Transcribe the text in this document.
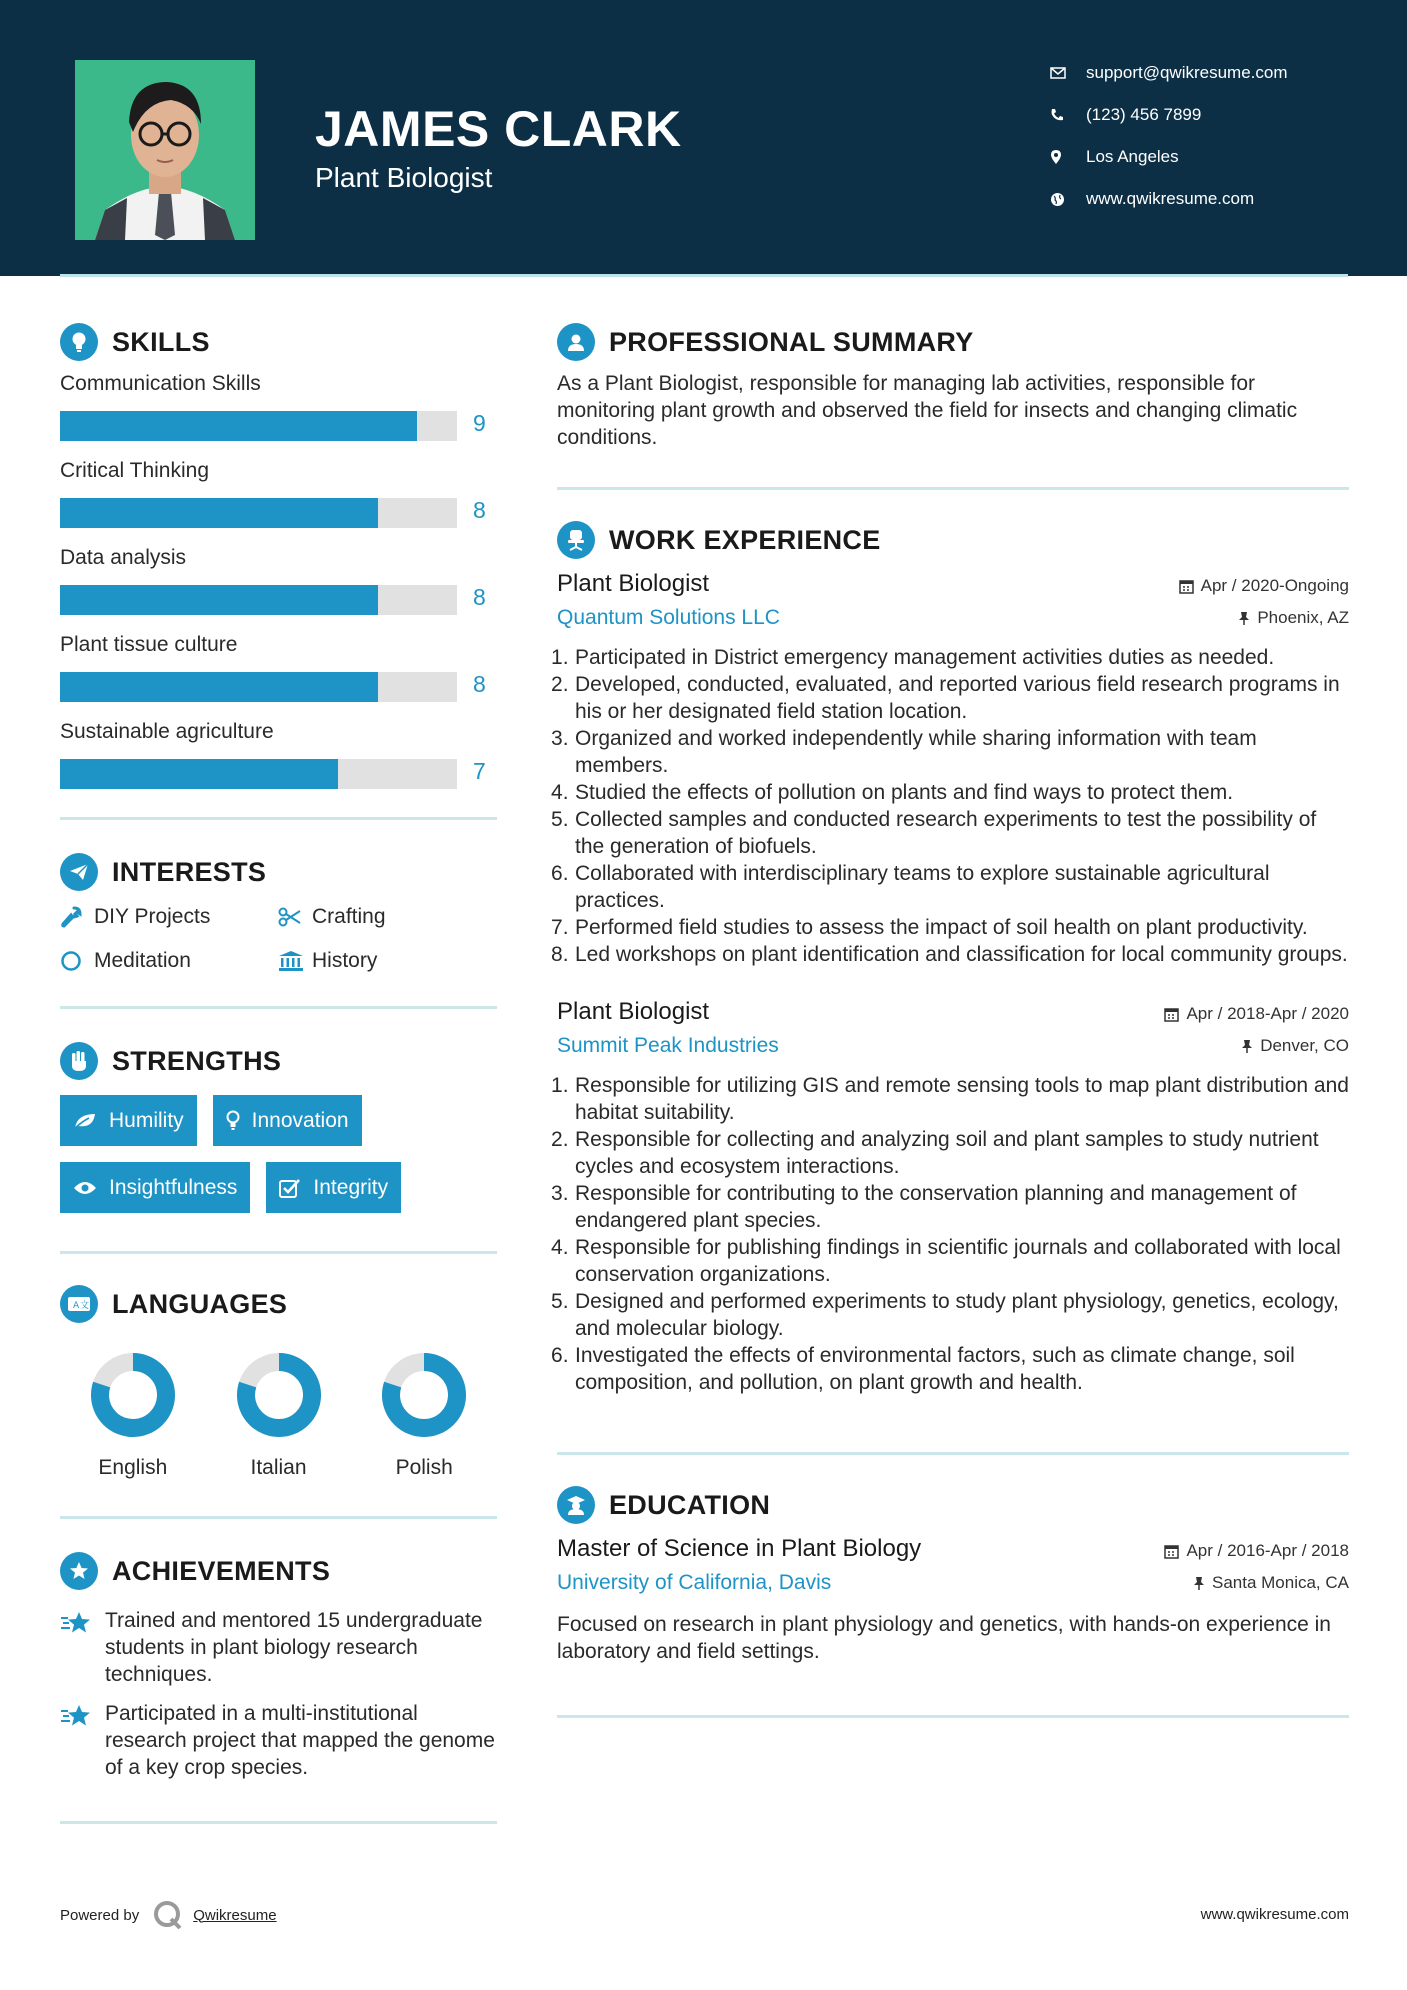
JAMES CLARK
Plant Biologist
support@qwikresume.com
(123) 456 7899
Los Angeles
www.qwikresume.com
SKILLS
Communication Skills
9
Critical Thinking
8
Data analysis
8
Plant tissue culture
8
Sustainable agriculture
7
INTERESTS
DIY Projects	Crafting
Meditation	History
STRENGTHS
Humility	Innovation
Insightfulness	Integrity
A 文 LANGUAGES
English	Italian	Polish
ACHIEVEMENTS
Trained and mentored 15 undergraduate students in plant biology research techniques.
Participated in a multi-institutional research project that mapped the genome of a key crop species.
PROFESSIONAL SUMMARY
As a Plant Biologist, responsible for managing lab activities, responsible for monitoring plant growth and observed the field for insects and changing climatic conditions.
WORK EXPERIENCE
Plant Biologist
Quantum Solutions LLC
Apr / 2020-Ongoing
Phoenix, AZ
Participated in District emergency management activities duties as needed.
Developed, conducted, evaluated, and reported various field research programs in his or her designated field station location.
Organized and worked independently while sharing information with team members.
Studied the effects of pollution on plants and find ways to protect them.
Collected samples and conducted research experiments to test the possibility of the generation of biofuels.
Collaborated with interdisciplinary teams to explore sustainable agricultural practices.
Performed field studies to assess the impact of soil health on plant productivity.
Led workshops on plant identification and classification for local community groups.
Plant Biologist
Summit Peak Industries
Apr / 2018-Apr / 2020
Denver, CO
Responsible for utilizing GIS and remote sensing tools to map plant distribution and habitat suitability.
Responsible for collecting and analyzing soil and plant samples to study nutrient cycles and ecosystem interactions.
Responsible for contributing to the conservation planning and management of endangered plant species.
Responsible for publishing findings in scientific journals and collaborated with local conservation organizations.
Designed and performed experiments to study plant physiology, genetics, ecology, and molecular biology.
Investigated the effects of environmental factors, such as climate change, soil composition, and pollution, on plant growth and health.
EDUCATION
Master of Science in Plant Biology
University of California, Davis
Apr / 2016-Apr / 2018
Santa Monica, CA
Focused on research in plant physiology and genetics, with hands-on experience in laboratory and field settings.
Powered by	Qwikresume	www.qwikresume.com
